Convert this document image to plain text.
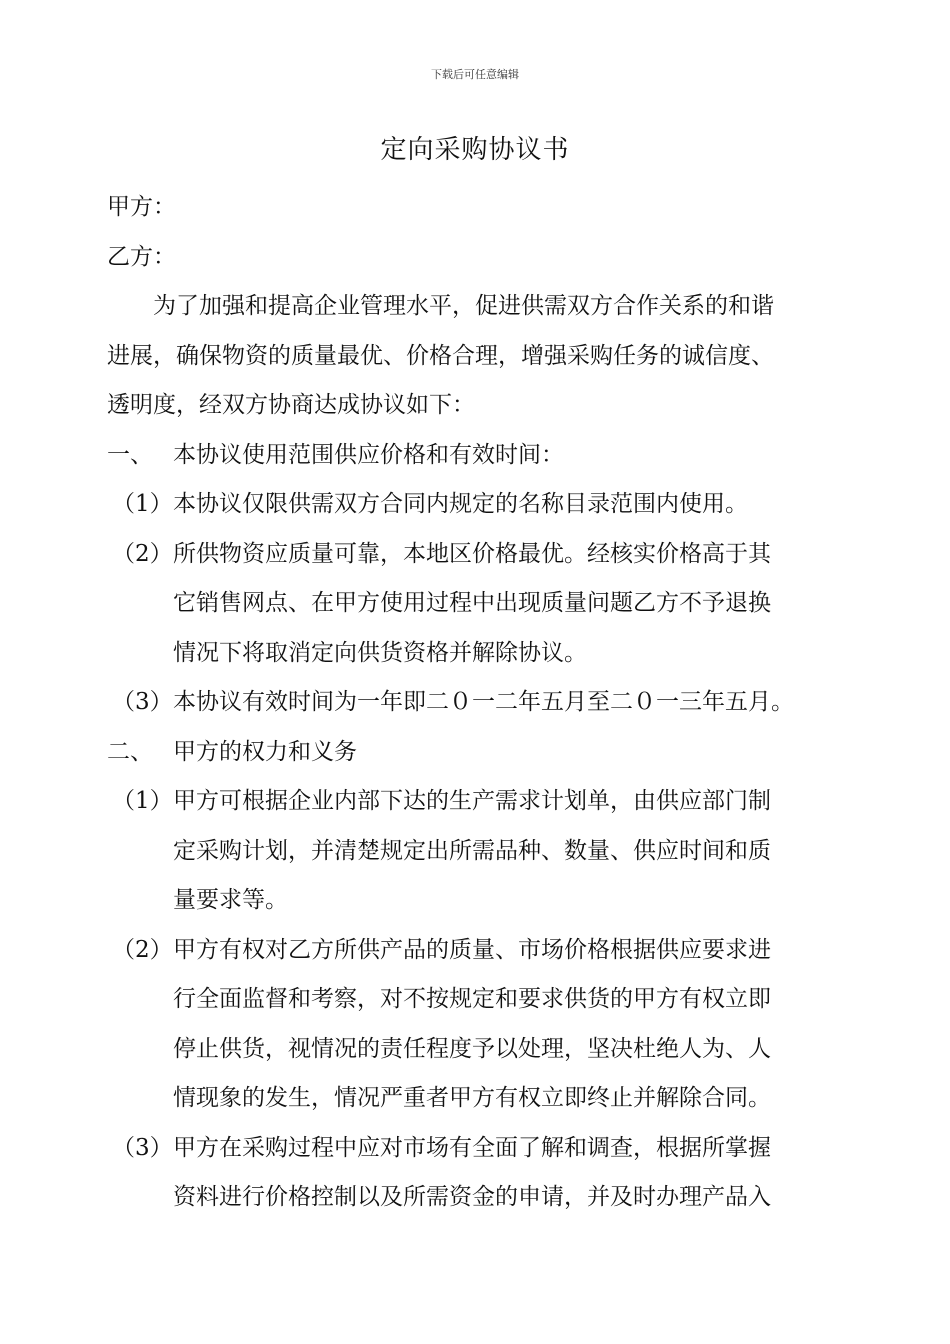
下载后可任意编辑
定向采购协议书
甲方：
乙方：
为了加强和提高企业管理水平，促进供需双方合作关系的和谐
进展，确保物资的质量最优、价格合理，增强采购任务的诚信度、
透明度，经双方协商达成协议如下：
一、 本协议使用范围供应价格和有效时间：
（1） 本协议仅限供需双方合同内规定的名称目录范围内使用。
（2） 所供物资应质量可靠，本地区价格最优。经核实价格高于其
它销售网点、在甲方使用过程中出现质量问题乙方不予退换
情况下将取消定向供货资格并解除协议。
（3） 本协议有效时间为一年即二０一二年五月至二０一三年五月。
二、 甲方的权力和义务
（1） 甲方可根据企业内部下达的生产需求计划单，由供应部门制
定采购计划，并清楚规定出所需品种、数量、供应时间和质
量要求等。
（2） 甲方有权对乙方所供产品的质量、市场价格根据供应要求进
行全面监督和考察，对不按规定和要求供货的甲方有权立即
停止供货，视情况的责任程度予以处理，坚决杜绝人为、人
情现象的发生，情况严重者甲方有权立即终止并解除合同。
（3） 甲方在采购过程中应对市场有全面了解和调查，根据所掌握
资料进行价格控制以及所需资金的申请，并及时办理产品入
